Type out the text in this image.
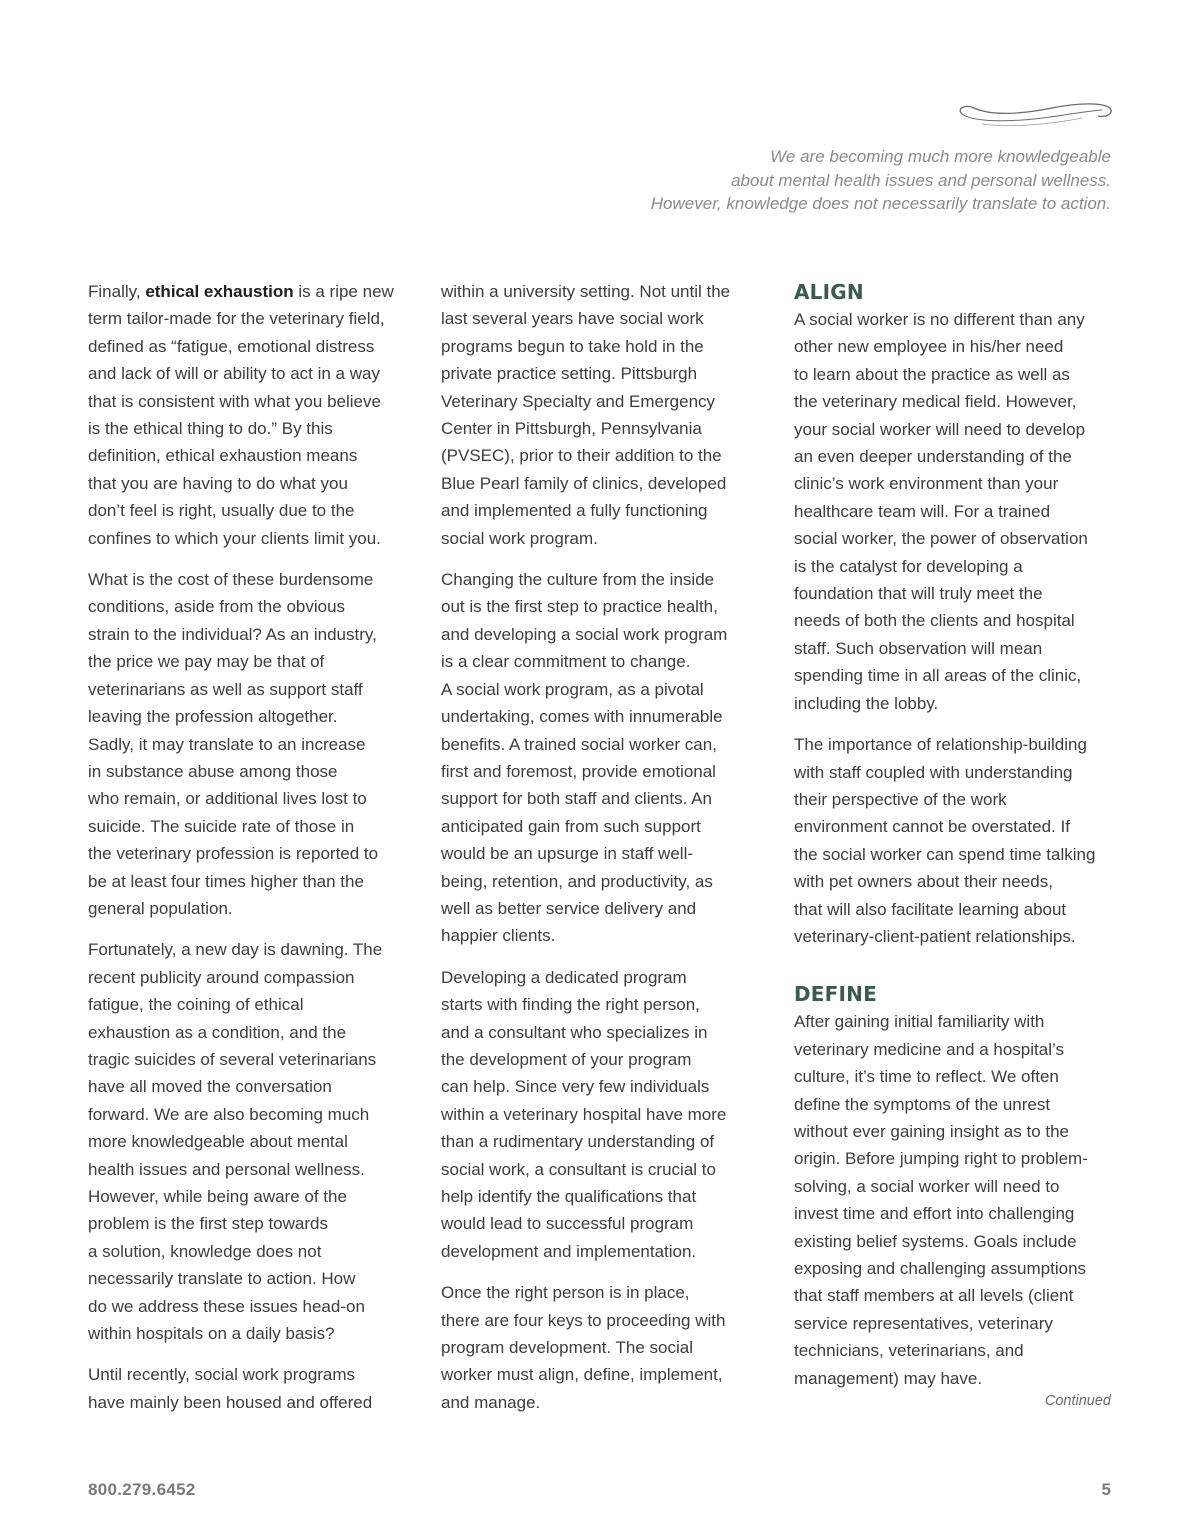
We are becoming much more knowledgeable
about mental health issues and personal wellness.
However, knowledge does not necessarily translate to action.

Finally, ethical exhaustion is a ripe new
term tailor-made for the veterinary field,
defined as “fatigue, emotional distress
and lack of will or ability to act in a way
that is consistent with what you believe
is the ethical thing to do.” By this
definition, ethical exhaustion means
that you are having to do what you
don’t feel is right, usually due to the
confines to which your clients limit you.

What is the cost of these burdensome
conditions, aside from the obvious
strain to the individual? As an industry,
the price we pay may be that of
veterinarians as well as support staff
leaving the profession altogether.
Sadly, it may translate to an increase
in substance abuse among those
who remain, or additional lives lost to
suicide. The suicide rate of those in
the veterinary profession is reported to
be at least four times higher than the
general population.

Fortunately, a new day is dawning. The
recent publicity around compassion
fatigue, the coining of ethical
exhaustion as a condition, and the
tragic suicides of several veterinarians
have all moved the conversation
forward. We are also becoming much
more knowledgeable about mental
health issues and personal wellness.
However, while being aware of the
problem is the first step towards
a solution, knowledge does not
necessarily translate to action. How
do we address these issues head-on
within hospitals on a daily basis?

Until recently, social work programs
have mainly been housed and offered

within a university setting. Not until the
last several years have social work
programs begun to take hold in the
private practice setting. Pittsburgh
Veterinary Specialty and Emergency
Center in Pittsburgh, Pennsylvania
(PVSEC), prior to their addition to the
Blue Pearl family of clinics, developed
and implemented a fully functioning
social work program.

Changing the culture from the inside
out is the first step to practice health,
and developing a social work program
is a clear commitment to change.
A social work program, as a pivotal
undertaking, comes with innumerable
benefits. A trained social worker can,
first and foremost, provide emotional
support for both staff and clients. An
anticipated gain from such support
would be an upsurge in staff well-
being, retention, and productivity, as
well as better service delivery and
happier clients.

Developing a dedicated program
starts with finding the right person,
and a consultant who specializes in
the development of your program
can help. Since very few individuals
within a veterinary hospital have more
than a rudimentary understanding of
social work, a consultant is crucial to
help identify the qualifications that
would lead to successful program
development and implementation.

Once the right person is in place,
there are four keys to proceeding with
program development. The social
worker must align, define, implement,
and manage.

ALIGN

A social worker is no different than any
other new employee in his/her need
to learn about the practice as well as
the veterinary medical field. However,
your social worker will need to develop
an even deeper understanding of the
clinic’s work environment than your
healthcare team will. For a trained
social worker, the power of observation
is the catalyst for developing a
foundation that will truly meet the
needs of both the clients and hospital
staff. Such observation will mean
spending time in all areas of the clinic,
including the lobby.

The importance of relationship-building
with staff coupled with understanding
their perspective of the work
environment cannot be overstated. If
the social worker can spend time talking
with pet owners about their needs,
that will also facilitate learning about
veterinary-client-patient relationships.

DEFINE

After gaining initial familiarity with
veterinary medicine and a hospital’s
culture, it’s time to reflect. We often
define the symptoms of the unrest
without ever gaining insight as to the
origin. Before jumping right to problem-
solving, a social worker will need to
invest time and effort into challenging
existing belief systems. Goals include
exposing and challenging assumptions
that staff members at all levels (client
service representatives, veterinary
technicians, veterinarians, and
management) may have.

Continued
800.279.6452	5
